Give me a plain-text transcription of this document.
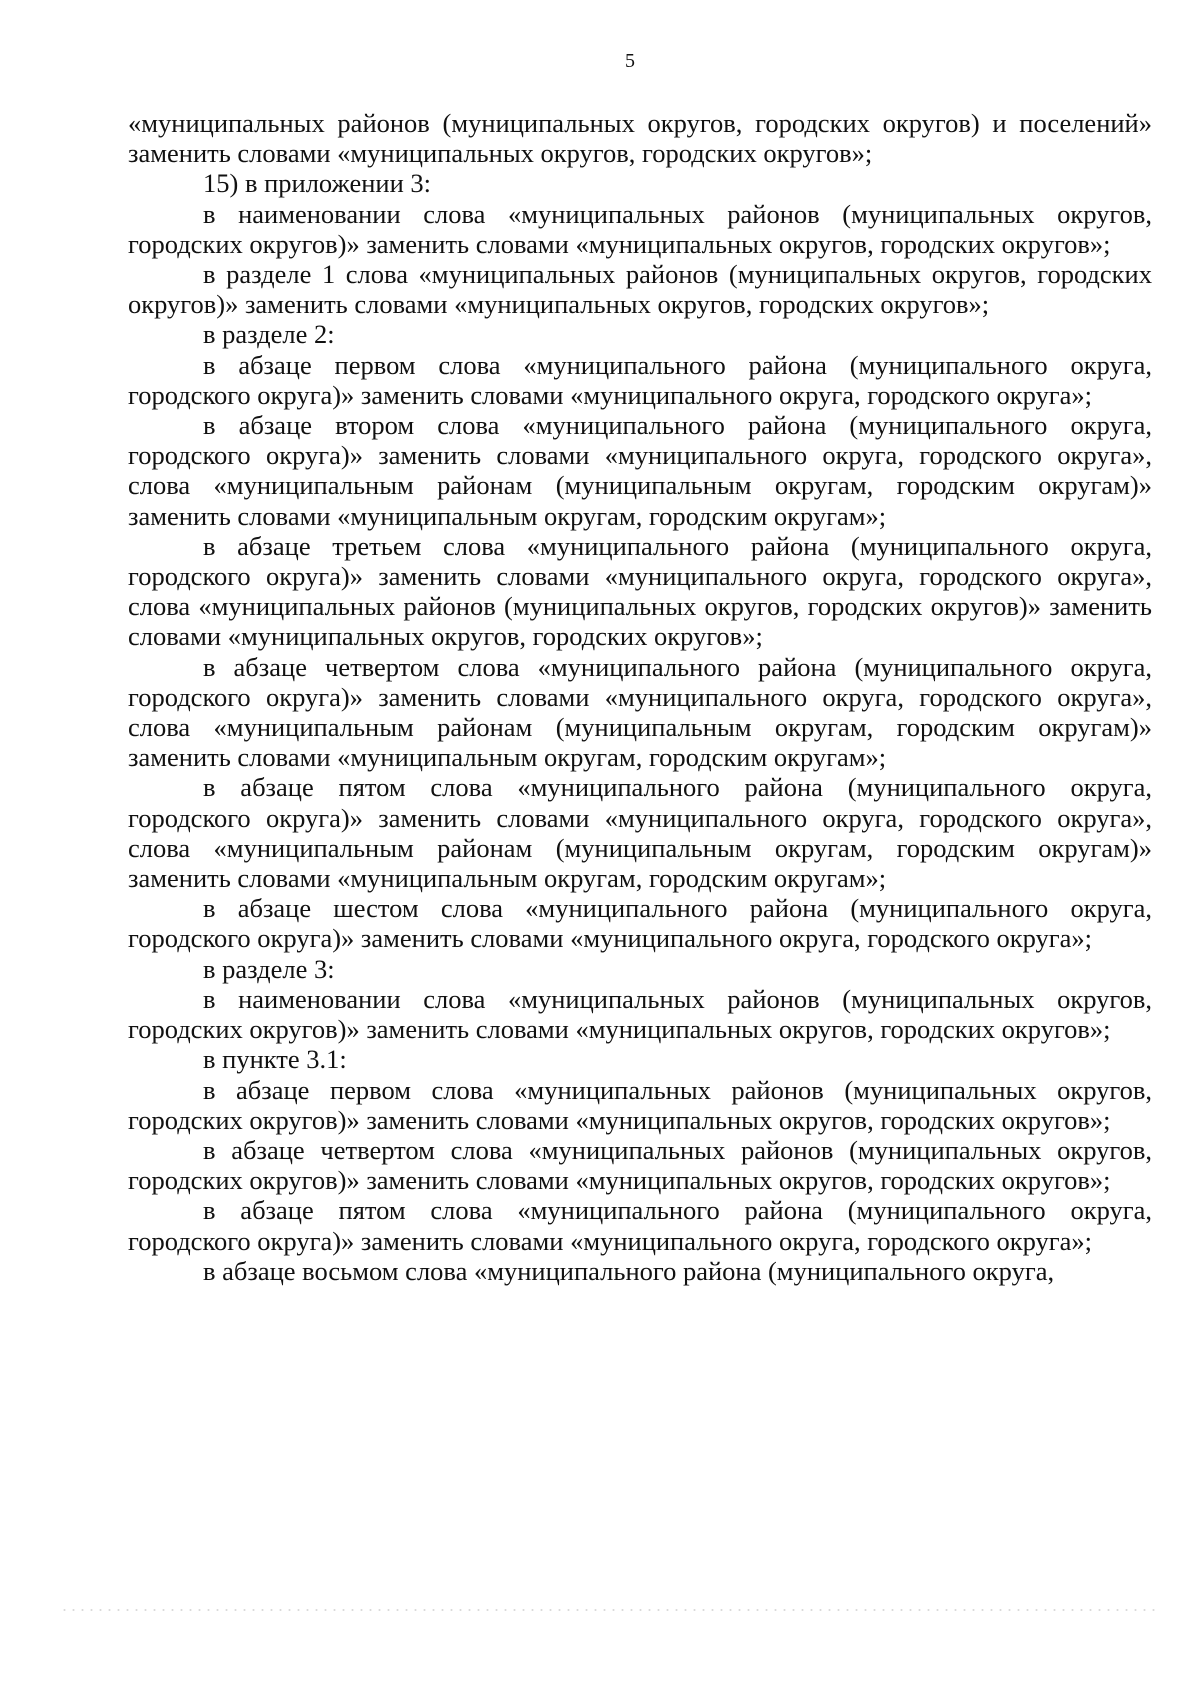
5

«муниципальных районов (муниципальных округов, городских округов) и поселений» заменить словами «муниципальных округов, городских округов»;

15) в приложении 3:

в наименовании слова «муниципальных районов (муниципальных округов, городских округов)» заменить словами «муниципальных округов, городских округов»;

в разделе 1 слова «муниципальных районов (муниципальных округов, городских округов)» заменить словами «муниципальных округов, городских округов»;

в разделе 2:

в абзаце первом слова «муниципального района (муниципального округа, городского округа)» заменить словами «муниципального округа, городского округа»;

в абзаце втором слова «муниципального района (муниципального округа, городского округа)» заменить словами «муниципального округа, городского округа», слова «муниципальным районам (муниципальным округам, городским округам)» заменить словами «муниципальным округам, городским округам»;

в абзаце третьем слова «муниципального района (муниципального округа, городского округа)» заменить словами «муниципального округа, городского округа», слова «муниципальных районов (муниципальных округов, городских округов)» заменить словами «муниципальных округов, городских округов»;

в абзаце четвертом слова «муниципального района (муниципального округа, городского округа)» заменить словами «муниципального округа, городского округа», слова «муниципальным районам (муниципальным округам, городским округам)» заменить словами «муниципальным округам, городским округам»;

в абзаце пятом слова «муниципального района (муниципального округа, городского округа)» заменить словами «муниципального округа, городского округа», слова «муниципальным районам (муниципальным округам, городским округам)» заменить словами «муниципальным округам, городским округам»;

в абзаце шестом слова «муниципального района (муниципального округа, городского округа)» заменить словами «муниципального округа, городского округа»;

в разделе 3:

в наименовании слова «муниципальных районов (муниципальных округов, городских округов)» заменить словами «муниципальных округов, городских округов»;

в пункте 3.1:

в абзаце первом слова «муниципальных районов (муниципальных округов, городских округов)» заменить словами «муниципальных округов, городских округов»;

в абзаце четвертом слова «муниципальных районов (муниципальных округов, городских округов)» заменить словами «муниципальных округов, городских округов»;

в абзаце пятом слова «муниципального района (муниципального округа, городского округа)» заменить словами «муниципального округа, городского округа»;

в абзаце восьмом слова «муниципального района (муниципального округа,
